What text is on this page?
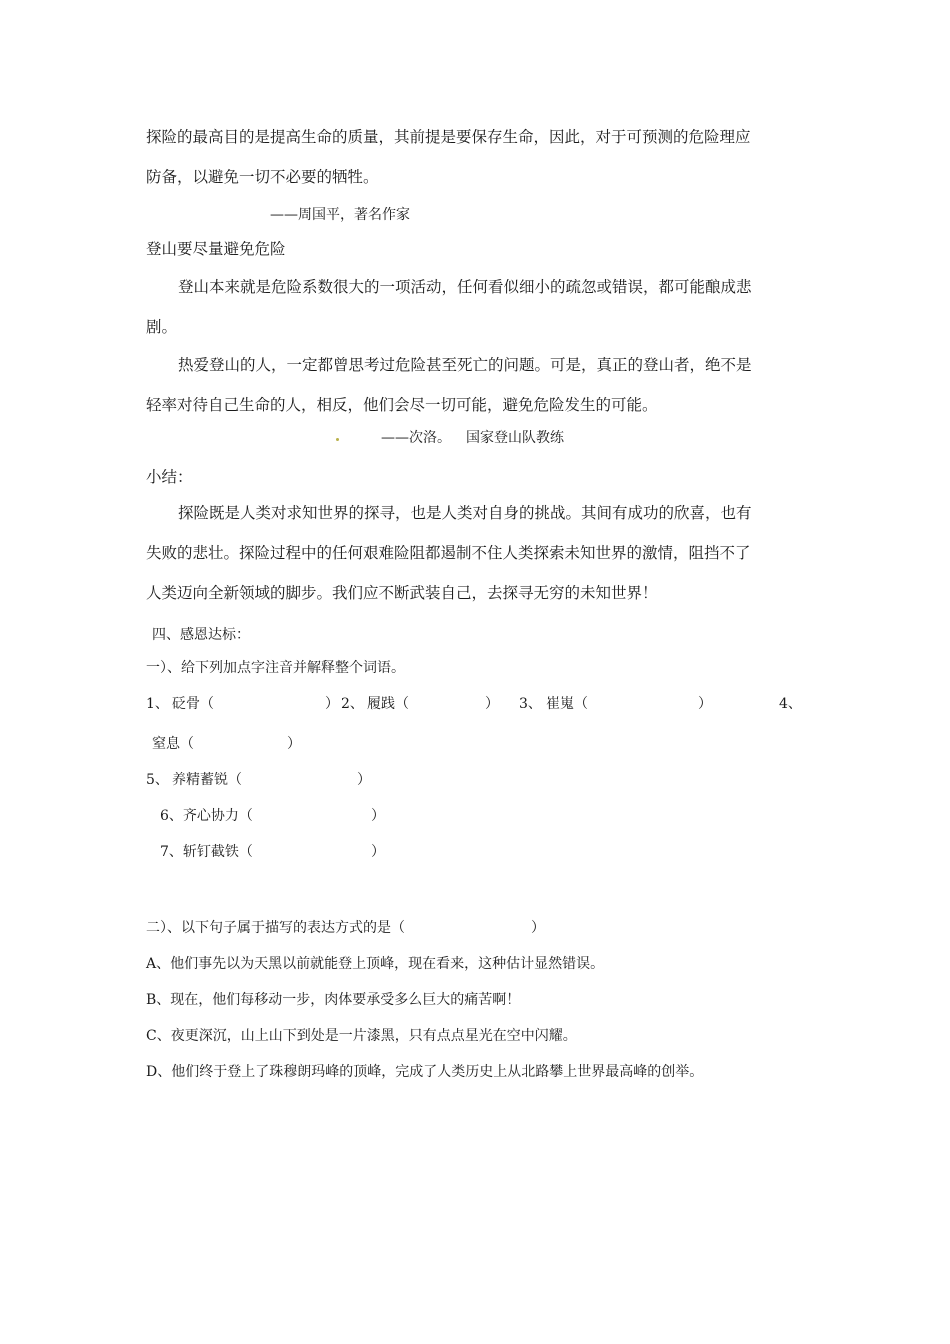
探险的最高目的是提高生命的质量，其前提是要保存生命，因此，对于可预测的危险理应
防备，以避免一切不必要的牺牲。
——周国平，著名作家
登山要尽量避免危险
登山本来就是危险系数很大的一项活动，任何看似细小的疏忽或错误，都可能酿成悲
剧。
热爱登山的人，一定都曾思考过危险甚至死亡的问题。可是，真正的登山者，绝不是
轻率对待自己生命的人，相反，他们会尽一切可能，避免危险发生的可能。
——次洛。 国家登山队教练
小结：
探险既是人类对求知世界的探寻，也是人类对自身的挑战。其间有成功的欣喜，也有
失败的悲壮。探险过程中的任何艰难险阻都遏制不住人类探索未知世界的激情，阻挡不了
人类迈向全新领域的脚步。我们应不断武装自己，去探寻无穷的未知世界！
四、感恩达标：
一）、给下列加点字注音并解释整个词语。
1、 砭骨（	） 2、 履践（	） 3、 崔嵬（	）	4、
窒息（	）
5、 养精蓄锐（	）
6、齐心协力（	）
7、斩钉截铁（	）
二）、以下句子属于描写的表达方式的是（	）
A、他们事先以为天黑以前就能登上顶峰，现在看来，这种估计显然错误。
B、现在，他们每移动一步，肉体要承受多么巨大的痛苦啊！
C、夜更深沉，山上山下到处是一片漆黑，只有点点星光在空中闪耀。
D、他们终于登上了珠穆朗玛峰的顶峰，完成了人类历史上从北路攀上世界最高峰的创举。
